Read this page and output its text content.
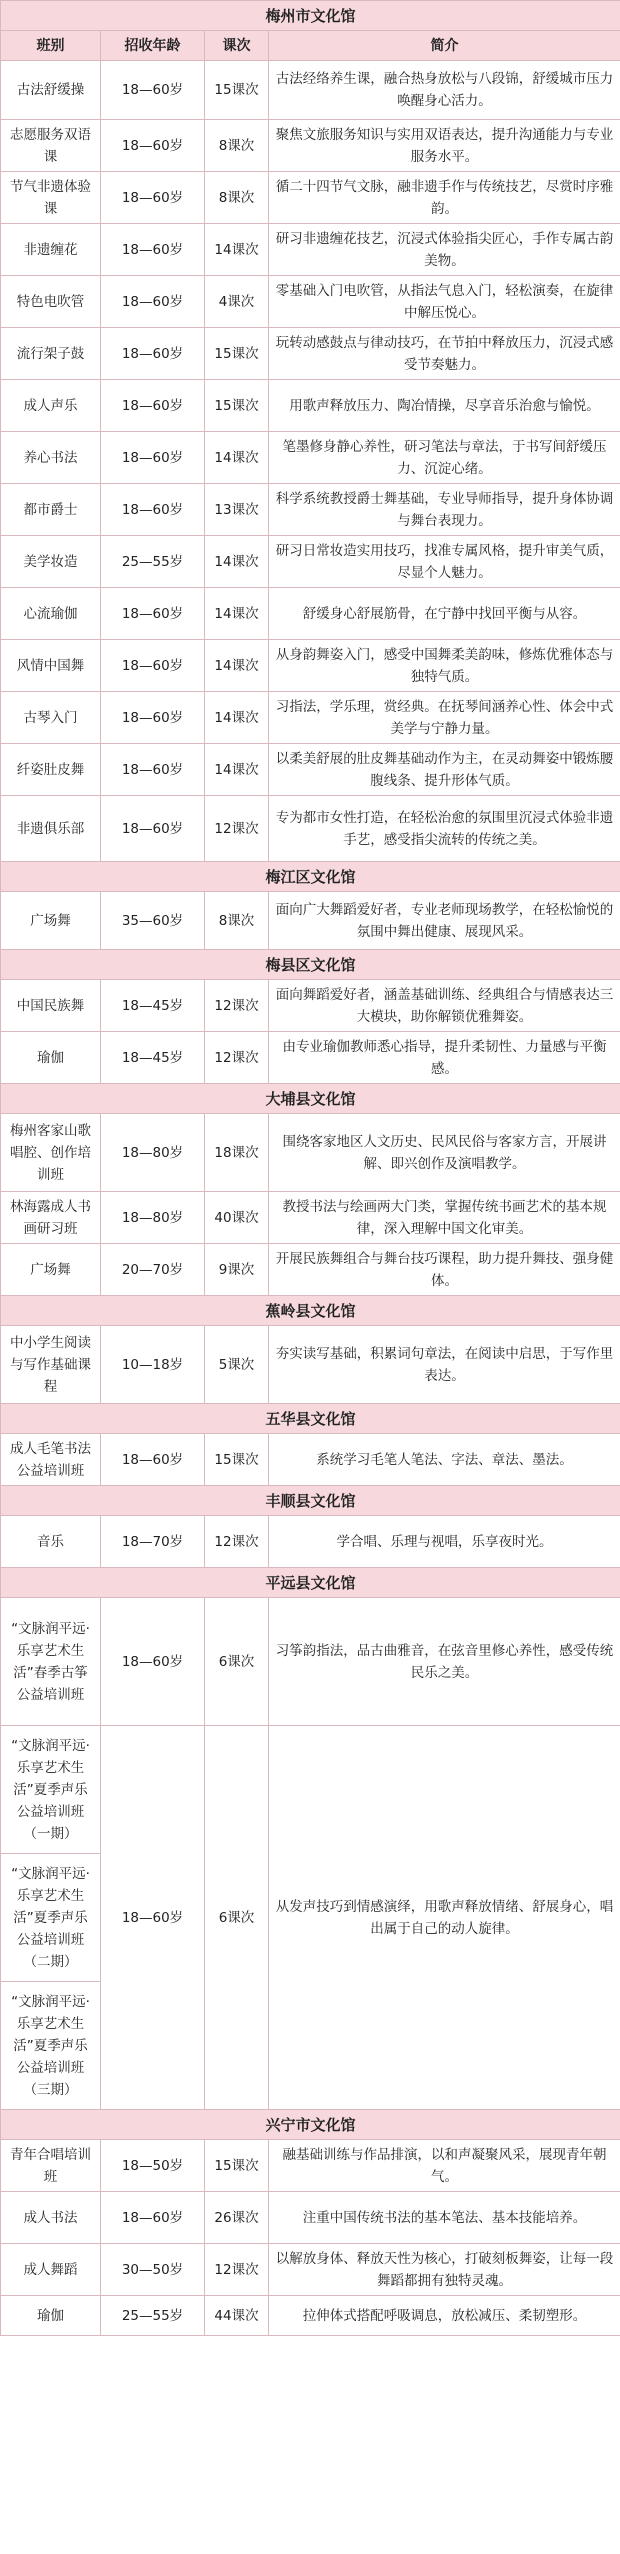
梅州市文化馆			
班别	招收年龄	课次	简介
古法舒缓操	18—60岁	15课次	古法经络养生课，融合热身放松与八段锦，舒缓城市压力唤醒身心活力。
志愿服务双语课	18—60岁	8课次	聚焦文旅服务知识与实用双语表达，提升沟通能力与专业服务水平。
节气非遗体验课	18—60岁	8课次	循二十四节气文脉，融非遗手作与传统技艺，尽赏时序雅韵。
非遗缠花	18—60岁	14课次	研习非遗缠花技艺，沉浸式体验指尖匠心，手作专属古韵美物。
特色电吹管	18—60岁	4课次	零基础入门电吹管，从指法气息入门，轻松演奏，在旋律中解压悦心。
流行架子鼓	18—60岁	15课次	玩转动感鼓点与律动技巧，在节拍中释放压力，沉浸式感受节奏魅力。
成人声乐	18—60岁	15课次	用歌声释放压力、陶冶情操，尽享音乐治愈与愉悦。
养心书法	18—60岁	14课次	笔墨修身静心养性，研习笔法与章法，于书写间舒缓压力、沉淀心绪。
都市爵士	18—60岁	13课次	科学系统教授爵士舞基础，专业导师指导，提升身体协调与舞台表现力。
美学妆造	25—55岁	14课次	研习日常妆造实用技巧，找准专属风格，提升审美气质，尽显个人魅力。
心流瑜伽	18—60岁	14课次	舒缓身心舒展筋骨，在宁静中找回平衡与从容。
风情中国舞	18—60岁	14课次	从身韵舞姿入门，感受中国舞柔美韵味，修炼优雅体态与独特气质。
古琴入门	18—60岁	14课次	习指法，学乐理，赏经典。在抚琴间涵养心性、体会中式美学与宁静力量。
纤姿肚皮舞	18—60岁	14课次	以柔美舒展的肚皮舞基础动作为主，在灵动舞姿中锻炼腰腹线条、提升形体气质。
非遗俱乐部	18—60岁	12课次	专为都市女性打造，在轻松治愈的氛围里沉浸式体验非遗手艺，感受指尖流转的传统之美。
梅江区文化馆			
广场舞	35—60岁	8课次	面向广大舞蹈爱好者，专业老师现场教学，在轻松愉悦的氛围中舞出健康、展现风采。
梅县区文化馆			
中国民族舞	18—45岁	12课次	面向舞蹈爱好者，涵盖基础训练、经典组合与情感表达三大模块，助你解锁优雅舞姿。
瑜伽	18—45岁	12课次	由专业瑜伽教师悉心指导，提升柔韧性、力量感与平衡感。
大埔县文化馆			
梅州客家山歌唱腔、创作培训班	18—80岁	18课次	围绕客家地区人文历史、民风民俗与客家方言，开展讲解、即兴创作及演唱教学。
林海露成人书画研习班	18—80岁	40课次	教授书法与绘画两大门类，掌握传统书画艺术的基本规律，深入理解中国文化审美。
广场舞	20—70岁	9课次	开展民族舞组合与舞台技巧课程，助力提升舞技、强身健体。
蕉岭县文化馆			
中小学生阅读与写作基础课程	10—18岁	5课次	夯实读写基础，积累词句章法，在阅读中启思，于写作里表达。
五华县文化馆			
成人毛笔书法公益培训班	18—60岁	15课次	系统学习毛笔人笔法、字法、章法、墨法。
丰顺县文化馆			
音乐	18—70岁	12课次	学合唱、乐理与视唱，乐享夜时光。
平远县文化馆			
“文脉润平远·乐享艺术生活”春季古筝公益培训班	18—60岁	6课次	习筝韵指法，品古曲雅音，在弦音里修心养性，感受传统民乐之美。
“文脉润平远·乐享艺术生活”夏季声乐公益培训班（一期）	18—60岁	6课次	从发声技巧到情感演绎，用歌声释放情绪、舒展身心，唱出属于自己的动人旋律。
“文脉润平远·乐享艺术生活”夏季声乐公益培训班（二期）			
“文脉润平远·乐享艺术生活”夏季声乐公益培训班（三期）			
兴宁市文化馆			
青年合唱培训班	18—50岁	15课次	融基础训练与作品排演，以和声凝聚风采，展现青年朝气。
成人书法	18—60岁	26课次	注重中国传统书法的基本笔法、基本技能培养。
成人舞蹈	30—50岁	12课次	以解放身体、释放天性为核心，打破刻板舞姿，让每一段舞蹈都拥有独特灵魂。
瑜伽	25—55岁	44课次	拉伸体式搭配呼吸调息，放松减压、柔韧塑形。
